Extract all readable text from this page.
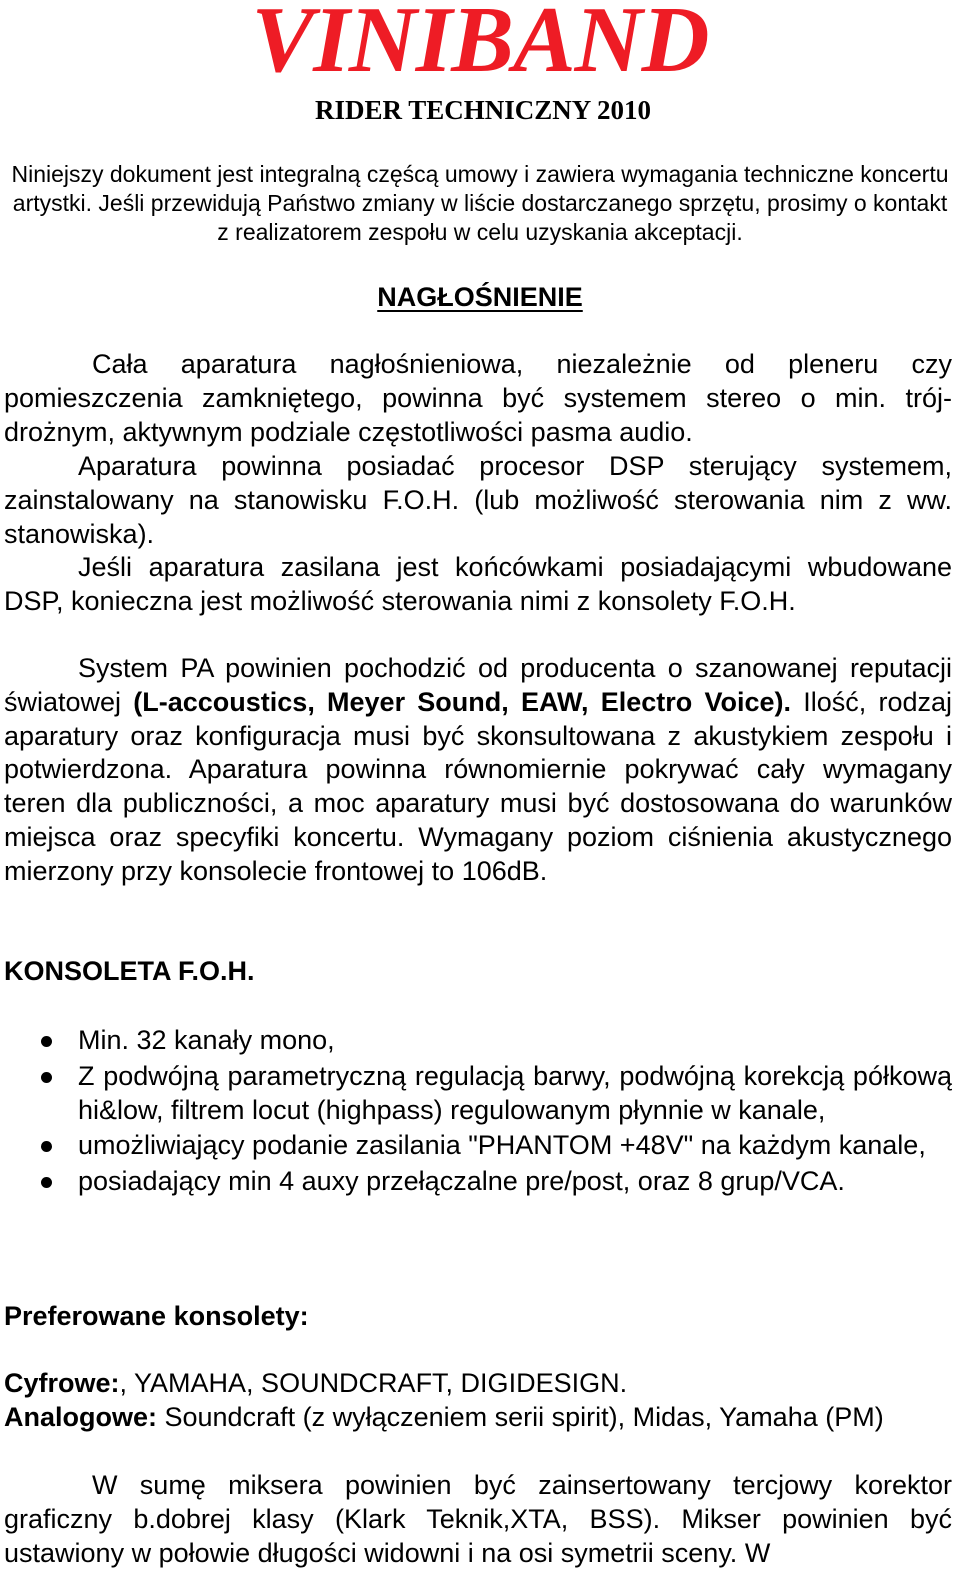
VINIBAND
RIDER TECHNICZNY 2010
Niniejszy dokument jest integralną częścą umowy i zawiera wymagania techniczne koncertu artystki. Jeśli przewidują Państwo zmiany w liście dostarczanego sprzętu, prosimy o kontakt z realizatorem zespołu w celu uzyskania akceptacji.
NAGŁOŚNIENIE

Cała aparatura nagłośnieniowa, niezależnie od pleneru czy pomieszczenia zamkniętego, powinna być systemem stereo o min. trój-drożnym, aktywnym podziale częstotliwości pasma audio.

Aparatura powinna posiadać procesor DSP sterujący systemem, zainstalowany na stanowisku F.O.H. (lub możliwość sterowania nim z ww. stanowiska).

Jeśli aparatura zasilana jest końcówkami posiadającymi wbudowane DSP, konieczna jest możliwość sterowania nimi z konsolety F.O.H.

System PA powinien pochodzić od producenta o szanowanej reputacji światowej (L-accoustics, Meyer Sound, EAW, Electro Voice). Ilość, rodzaj aparatury oraz konfiguracja musi być skonsultowana z akustykiem zespołu i potwierdzona. Aparatura powinna równomiernie pokrywać cały wymagany teren dla publiczności, a moc aparatury musi być dostosowana do warunków miejsca oraz specyfiki koncertu. Wymagany poziom ciśnienia akustycznego mierzony przy konsolecie frontowej to 106dB.

KONSOLETA F.O.H.

Min. 32 kanały mono,
Z podwójną parametryczną regulacją barwy, podwójną korekcją półkową hi&low, filtrem locut (highpass) regulowanym płynnie w kanale,
umożliwiający podanie zasilania "PHANTOM +48V" na każdym kanale,
posiadający min 4 auxy przełączalne pre/post, oraz 8 grup/VCA.

Preferowane konsolety:

Cyfrowe:, YAMAHA, SOUNDCRAFT, DIGIDESIGN.

Analogowe: Soundcraft (z wyłączeniem serii spirit), Midas, Yamaha (PM)

W sumę miksera powinien być zainsertowany tercjowy korektor graficzny b.dobrej klasy (Klark Teknik,XTA, BSS). Mikser powinien być ustawiony w połowie długości widowni i na osi symetrii sceny. W
